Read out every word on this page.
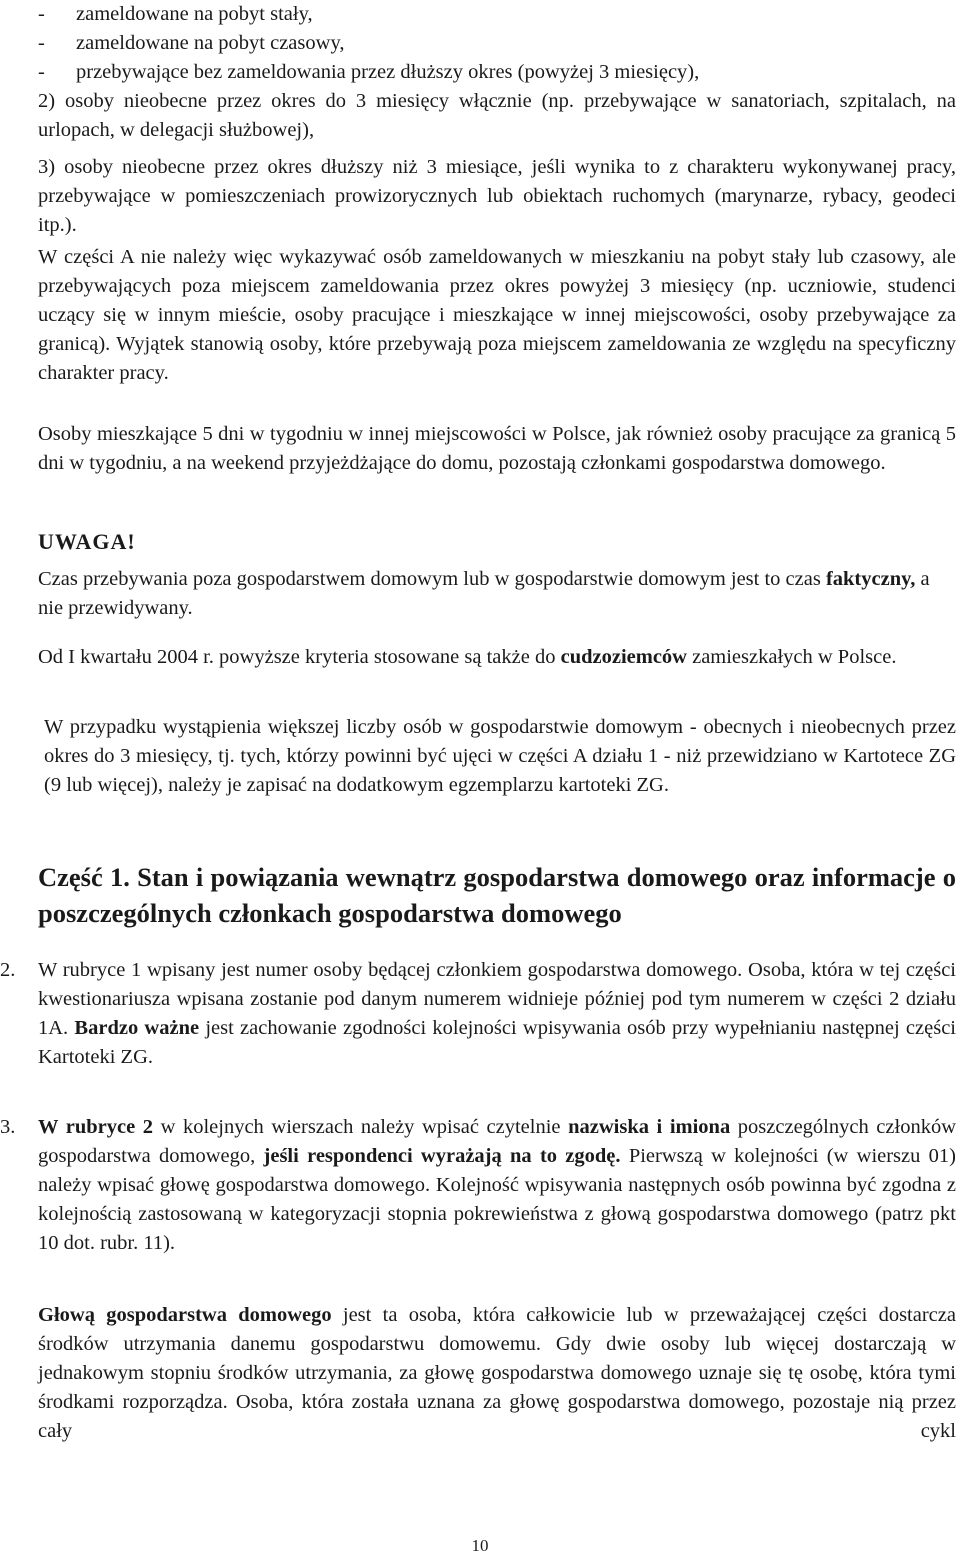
- zameldowane na pobyt stały,

- zameldowane na pobyt czasowy,

- przebywające bez zameldowania przez dłuższy okres (powyżej 3 miesięcy),

2) osoby nieobecne przez okres do 3 miesięcy włącznie (np. przebywające w sanatoriach, szpitalach, na urlopach, w delegacji służbowej),

3) osoby nieobecne przez okres dłuższy niż 3 miesiące, jeśli wynika to z charakteru wykonywanej pracy, przebywające w pomieszczeniach prowizorycznych lub obiektach ruchomych (marynarze, rybacy, geodeci itp.).

W części A nie należy więc wykazywać osób zameldowanych w mieszkaniu na pobyt stały lub czasowy, ale przebywających poza miejscem zameldowania przez okres powyżej 3 miesięcy (np. uczniowie, studenci uczący się w innym mieście, osoby pracujące i mieszkające w innej miejscowości, osoby przebywające za granicą). Wyjątek stanowią osoby, które przebywają poza miejscem zameldowania ze względu na specyficzny charakter pracy.

Osoby mieszkające 5 dni w tygodniu w innej miejscowości w Polsce, jak również osoby pracujące za granicą 5 dni w tygodniu, a na weekend przyjeżdżające do domu, pozostają członkami gospodarstwa domowego.

UWAGA!

Czas przebywania poza gospodarstwem domowym lub w gospodarstwie domowym jest to czas faktyczny, a nie przewidywany.

Od I kwartału 2004 r. powyższe kryteria stosowane są także do cudzoziemców zamieszkałych w Polsce.

W przypadku wystąpienia większej liczby osób w gospodarstwie domowym - obecnych i nieobecnych przez okres do 3 miesięcy, tj. tych, którzy powinni być ujęci w części A działu 1 - niż przewidziano w Kartotece ZG (9 lub więcej), należy je zapisać na dodatkowym egzemplarzu kartoteki ZG.

Część 1. Stan i powiązania wewnątrz gospodarstwa domowego oraz informacje o poszczególnych członkach gospodarstwa domowego

2. W rubryce 1 wpisany jest numer osoby będącej członkiem gospodarstwa domowego. Osoba, która w tej części kwestionariusza wpisana zostanie pod danym numerem widnieje później pod tym numerem w części 2 działu 1A. Bardzo ważne jest zachowanie zgodności kolejności wpisywania osób przy wypełnianiu następnej części Kartoteki ZG.

3. W rubryce 2 w kolejnych wierszach należy wpisać czytelnie nazwiska i imiona poszczególnych członków gospodarstwa domowego, jeśli respondenci wyrażają na to zgodę. Pierwszą w kolejności (w wierszu 01) należy wpisać głowę gospodarstwa domowego. Kolejność wpisywania następnych osób powinna być zgodna z kolejnością zastosowaną w kategoryzacji stopnia pokrewieństwa z głową gospodarstwa domowego (patrz pkt 10 dot. rubr. 11).

Głową gospodarstwa domowego jest ta osoba, która całkowicie lub w przeważającej części dostarcza środków utrzymania danemu gospodarstwu domowemu. Gdy dwie osoby lub więcej dostarczają w jednakowym stopniu środków utrzymania, za głowę gospodarstwa domowego uznaje się tę osobę, która tymi środkami rozporządza. Osoba, która została uznana za głowę gospodarstwa domowego, pozostaje nią przez cały cykl

10
